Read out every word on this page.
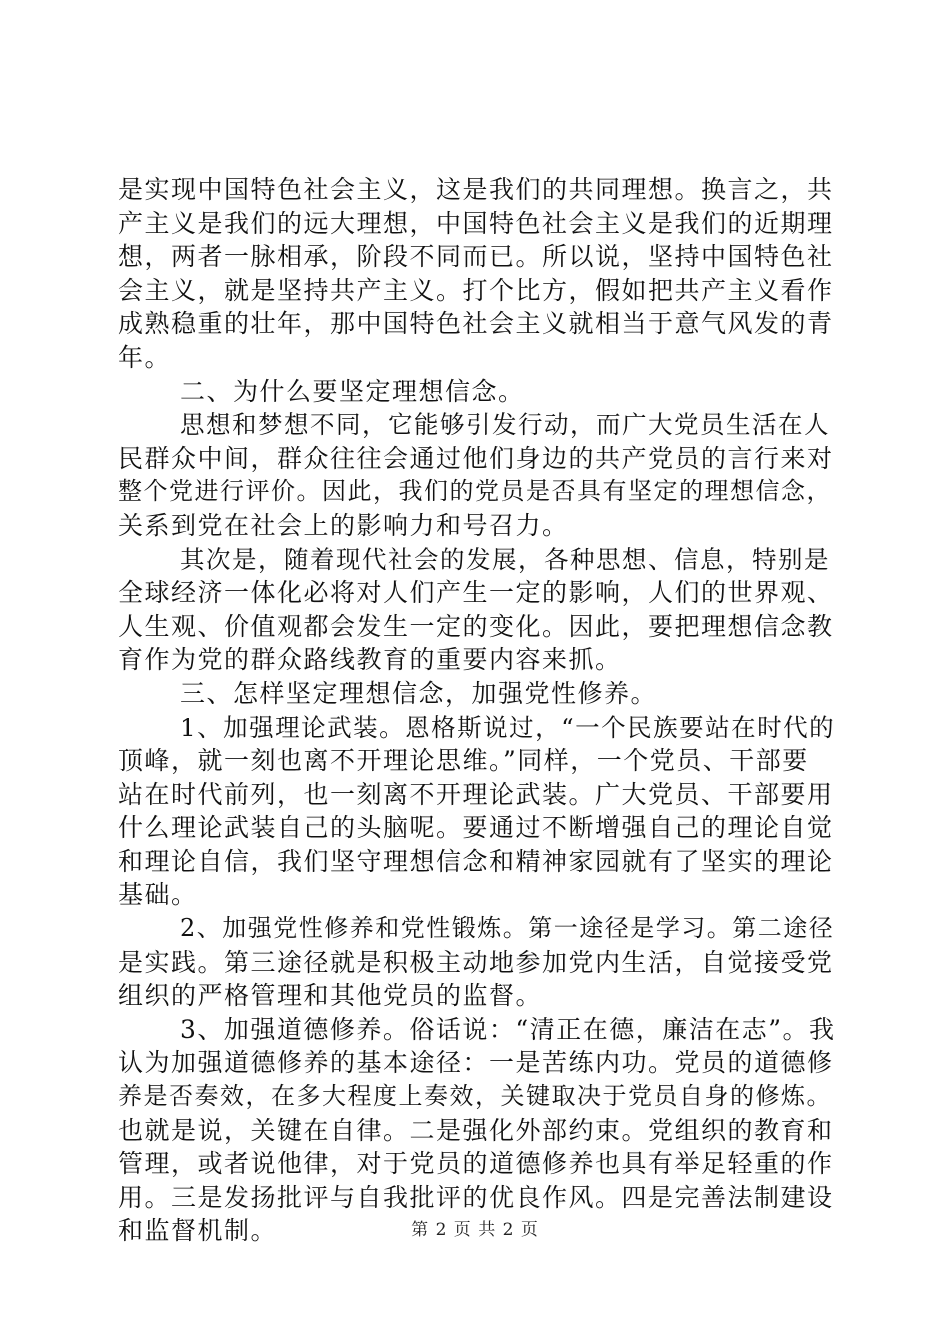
是实现中国特色社会主义，这是我们的共同理想。换言之，共
产主义是我们的远大理想，中国特色社会主义是我们的近期理
想，两者一脉相承，阶段不同而已。所以说，坚持中国特色社
会主义，就是坚持共产主义。打个比方，假如把共产主义看作
成熟稳重的壮年，那中国特色社会主义就相当于意气风发的青
年。
二、为什么要坚定理想信念。
思想和梦想不同，它能够引发行动，而广大党员生活在人
民群众中间，群众往往会通过他们身边的共产党员的言行来对
整个党进行评价。因此，我们的党员是否具有坚定的理想信念，
关系到党在社会上的影响力和号召力。
其次是，随着现代社会的发展，各种思想、信息，特别是
全球经济一体化必将对人们产生一定的影响，人们的世界观、
人生观、价值观都会发生一定的变化。因此，要把理想信念教
育作为党的群众路线教育的重要内容来抓。
三、怎样坚定理想信念，加强党性修养。
1、加强理论武装。恩格斯说过，“一个民族要站在时代的
顶峰，就一刻也离不开理论思维。”同样，一个党员、干部要
站在时代前列，也一刻离不开理论武装。广大党员、干部要用
什么理论武装自己的头脑呢。要通过不断增强自己的理论自觉
和理论自信，我们坚守理想信念和精神家园就有了坚实的理论
基础。
2、加强党性修养和党性锻炼。第一途径是学习。第二途径
是实践。第三途径就是积极主动地参加党内生活，自觉接受党
组织的严格管理和其他党员的监督。
3、加强道德修养。俗话说：“清正在德，廉洁在志”。我
认为加强道德修养的基本途径：一是苦练内功。党员的道德修
养是否奏效，在多大程度上奏效，关键取决于党员自身的修炼。
也就是说，关键在自律。二是强化外部约束。党组织的教育和
管理，或者说他律，对于党员的道德修养也具有举足轻重的作
用。三是发扬批评与自我批评的优良作风。四是完善法制建设
和监督机制。	第 2 页 共 2 页
